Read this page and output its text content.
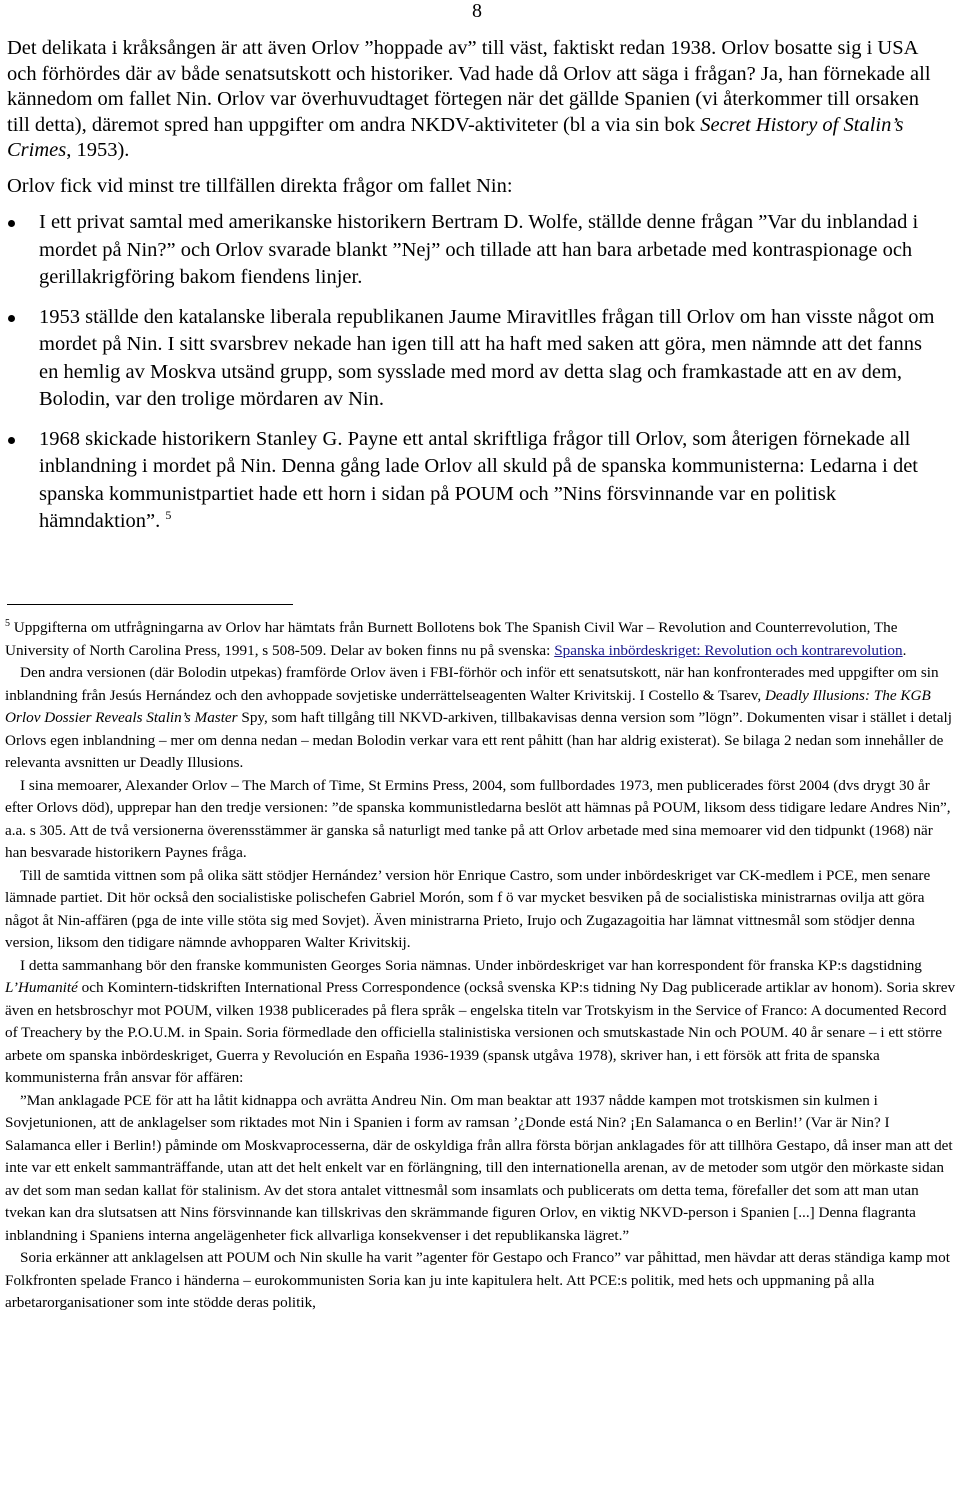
8

Det delikata i kråksången är att även Orlov ”hoppade av” till väst, faktiskt redan 1938. Orlov bosatte sig i USA och förhördes där av både senatsutskott och historiker. Vad hade då Orlov att säga i frågan? Ja, han förnekade all kännedom om fallet Nin. Orlov var överhuvudtaget förtegen när det gällde Spanien (vi återkommer till orsaken till detta), däremot spred han uppgifter om andra NKDV-aktiviteter (bl a via sin bok Secret History of Stalin’s Crimes, 1953).

Orlov fick vid minst tre tillfällen direkta frågor om fallet Nin:

I ett privat samtal med amerikanske historikern Bertram D. Wolfe, ställde denne frågan ”Var du inblandad i mordet på Nin?” och Orlov svarade blankt ”Nej” och tillade att han bara arbetade med kontraspionage och gerillakrigföring bakom fiendens linjer.
1953 ställde den katalanske liberala republikanen Jaume Miravitlles frågan till Orlov om han visste något om mordet på Nin. I sitt svarsbrev nekade han igen till att ha haft med saken att göra, men nämnde att det fanns en hemlig av Moskva utsänd grupp, som sysslade med mord av detta slag och framkastade att en av dem, Bolodin, var den trolige mördaren av Nin.
1968 skickade historikern Stanley G. Payne ett antal skriftliga frågor till Orlov, som återigen förnekade all inblandning i mordet på Nin. Denna gång lade Orlov all skuld på de spanska kommunisterna: Ledarna i det spanska kommunistpartiet hade ett horn i sidan på POUM och ”Nins försvinnande var en politisk hämndaktion”. $^5$

$^5$ Uppgifterna om utfrågningarna av Orlov har hämtats från Burnett Bollotens bok The Spanish Civil War – Revolution and Counterrevolution, The University of North Carolina Press, 1991, s 508-509. Delar av boken finns nu på svenska: Spanska inbördeskriget: Revolution och kontrarevolution.

Den andra versionen (där Bolodin utpekas) framförde Orlov även i FBI-förhör och inför ett senatsutskott, när han konfronterades med uppgifter om sin inblandning från Jesús Hernández och den avhoppade sovjetiske underrättelseagenten Walter Krivitskij. I Costello & Tsarev, Deadly Illusions: The KGB Orlov Dossier Reveals Stalin’s Master Spy, som haft tillgång till NKVD-arkiven, tillbakavisas denna version som ”lögn”. Dokumenten visar i stället i detalj Orlovs egen inblandning – mer om denna nedan – medan Bolodin verkar vara ett rent påhitt (han har aldrig existerat). Se bilaga 2 nedan som innehåller de relevanta avsnitten ur Deadly Illusions.

I sina memoarer, Alexander Orlov – The March of Time, St Ermins Press, 2004, som fullbordades 1973, men publicerades först 2004 (dvs drygt 30 år efter Orlovs död), upprepar han den tredje versionen: ”de spanska kommunistledarna beslöt att hämnas på POUM, liksom dess tidigare ledare Andres Nin”, a.a. s 305. Att de två versionerna överensstämmer är ganska så naturligt med tanke på att Orlov arbetade med sina memoarer vid den tidpunkt (1968) när han besvarade historikern Paynes fråga.

Till de samtida vittnen som på olika sätt stödjer Hernández’ version hör Enrique Castro, som under inbördeskriget var CK-medlem i PCE, men senare lämnade partiet. Dit hör också den socialistiske polischefen Gabriel Morón, som f ö var mycket besviken på de socialistiska ministrarnas ovilja att göra något åt Nin-affären (pga de inte ville stöta sig med Sovjet). Även ministrarna Prieto, Irujo och Zugazagoitia har lämnat vittnesmål som stödjer denna version, liksom den tidigare nämnde avhopparen Walter Krivitskij.

I detta sammanhang bör den franske kommunisten Georges Soria nämnas. Under inbördeskriget var han korrespondent för franska KP:s dagstidning L’Humanité och Komintern-tidskriften International Press Correspondence (också svenska KP:s tidning Ny Dag publicerade artiklar av honom). Soria skrev även en hetsbroschyr mot POUM, vilken 1938 publicerades på flera språk – engelska titeln var Trotskyism in the Service of Franco: A documented Record of Treachery by the P.O.U.M. in Spain. Soria förmedlade den officiella stalinistiska versionen och smutskastade Nin och POUM. 40 år senare – i ett större arbete om spanska inbördeskriget, Guerra y Revolución en España 1936-1939 (spansk utgåva 1978), skriver han, i ett försök att frita de spanska kommunisterna från ansvar för affären:

”Man anklagade PCE för att ha låtit kidnappa och avrätta Andreu Nin. Om man beaktar att 1937 nådde kampen mot trotskismen sin kulmen i Sovjetunionen, att de anklagelser som riktades mot Nin i Spanien i form av ramsan ’¿Donde está Nin? ¡En Salamanca o en Berlin!’ (Var är Nin? I Salamanca eller i Berlin!) påminde om Moskvaprocesserna, där de oskyldiga från allra första början anklagades för att tillhöra Gestapo, då inser man att det inte var ett enkelt sammanträffande, utan att det helt enkelt var en förlängning, till den internationella arenan, av de metoder som utgör den mörkaste sidan av det som man sedan kallat för stalinism. Av det stora antalet vittnesmål som insamlats och publicerats om detta tema, förefaller det som att man utan tvekan kan dra slutsatsen att Nins försvinnande kan tillskrivas den skrämmande figuren Orlov, en viktig NKVD-person i Spanien [...] Denna flagranta inblandning i Spaniens interna angelägenheter fick allvarliga konsekvenser i det republikanska lägret.”

Soria erkänner att anklagelsen att POUM och Nin skulle ha varit ”agenter för Gestapo och Franco” var påhittad, men hävdar att deras ständiga kamp mot Folkfronten spelade Franco i händerna – eurokommunisten Soria kan ju inte kapitulera helt. Att PCE:s politik, med hets och uppmaning på alla arbetarorganisationer som inte stödde deras politik,
